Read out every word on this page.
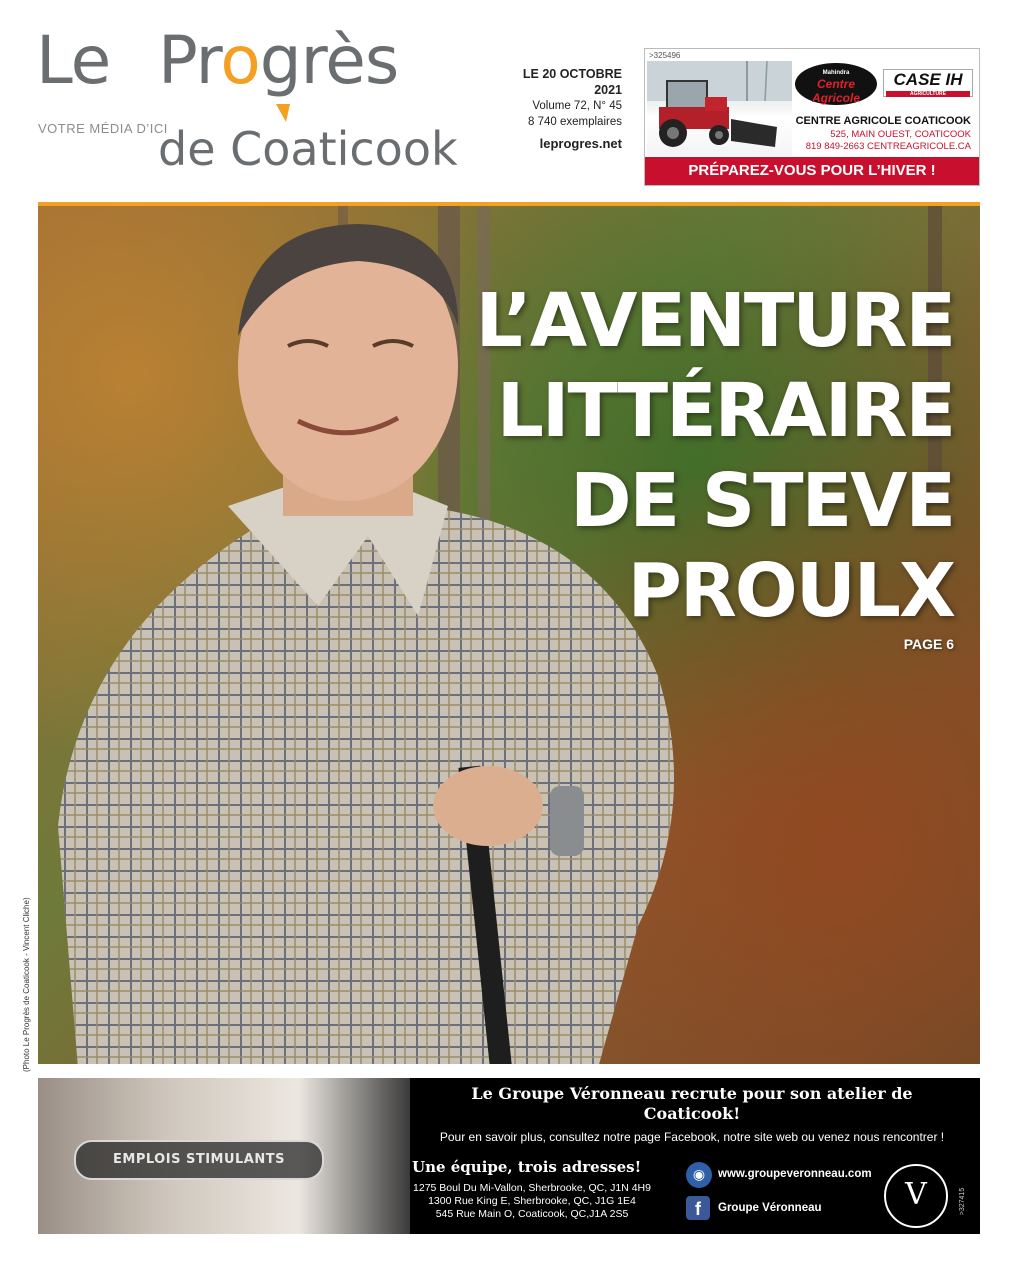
Le Progrès
VOTRE MÉDIA D’ICI
de Coaticook
LE 20 OCTOBRE
2021
Volume 72, N° 45
8 740 exemplaires
leprogres.net
>325496
Mahindra
Centre Agricole
COATICOOK
CASE IH
AGRICULTURE
CENTRE AGRICOLE COATICOOK
525, MAIN OUEST, COATICOOK
819 849-2663 CENTREAGRICOLE.CA
PRÉPAREZ-VOUS POUR L’HIVER !
L’AVENTURE
LITTÉRAIRE
DE STEVE
PROULX
PAGE 6
(Photo Le Progrès de Coaticook - Vincent Cliche)
EMPLOIS STIMULANTS
Le Groupe Véronneau recrute pour son atelier de Coaticook!
Pour en savoir plus, consultez notre page Facebook, notre site web ou venez nous rencontrer !
Une équipe, trois adresses!
1275 Boul Du Mi-Vallon, Sherbrooke, QC, J1N 4H9
1300 Rue King E, Sherbrooke, QC, J1G 1E4
545 Rue Main O, Coaticook, QC,J1A 2S5
◉	www.groupeveronneau.com
f	Groupe Véronneau	V	>327415
